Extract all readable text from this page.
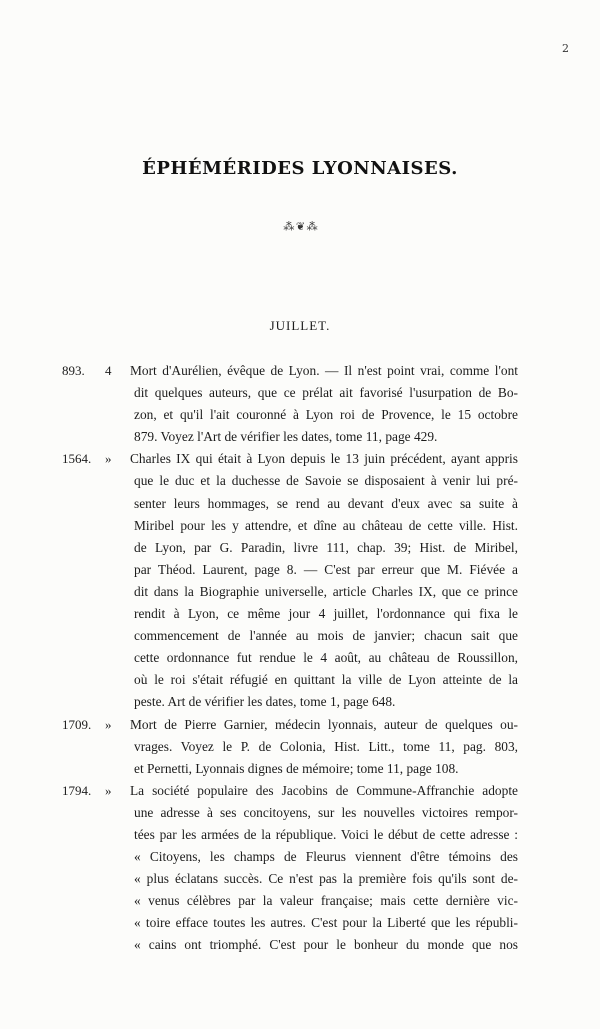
2
ÉPHÉMÉRIDES LYONNAISES.
⁂ ❦ ⁂
JUILLET.
893.	4	Mort d'Aurélien, évêque de Lyon. — Il n'est point vrai, comme l'ont
dit quelques auteurs, que ce prélat ait favorisé l'usurpation de Bo-
zon, et qu'il l'ait couronné à Lyon roi de Provence, le 15 octobre
879. Voyez l'Art de vérifier les dates, tome 11, page 429.
1564.	»	Charles IX qui était à Lyon depuis le 13 juin précédent, ayant appris
que le duc et la duchesse de Savoie se disposaient à venir lui pré-
senter leurs hommages, se rend au devant d'eux avec sa suite à
Miribel pour les y attendre, et dîne au château de cette ville. Hist.
de Lyon, par G. Paradin, livre 111, chap. 39; Hist. de Miribel,
par Théod. Laurent, page 8. — C'est par erreur que M. Fiévée a
dit dans la Biographie universelle, article Charles IX, que ce prince
rendit à Lyon, ce même jour 4 juillet, l'ordonnance qui fixa le
commencement de l'année au mois de janvier; chacun sait que
cette ordonnance fut rendue le 4 août, au château de Roussillon,
où le roi s'était réfugié en quittant la ville de Lyon atteinte de la
peste. Art de vérifier les dates, tome 1, page 648.
1709.	»	Mort de Pierre Garnier, médecin lyonnais, auteur de quelques ou-
vrages. Voyez le P. de Colonia, Hist. Litt., tome 11, pag. 803,
et Pernetti, Lyonnais dignes de mémoire; tome 11, page 108.
1794.	»	La société populaire des Jacobins de Commune-Affranchie adopte
une adresse à ses concitoyens, sur les nouvelles victoires rempor-
tées par les armées de la république. Voici le début de cette adresse :
« Citoyens, les champs de Fleurus viennent d'être témoins des
« plus éclatans succès. Ce n'est pas la première fois qu'ils sont de-
« venus célèbres par la valeur française; mais cette dernière vic-
« toire efface toutes les autres. C'est pour la Liberté que les républi-
« cains ont triomphé. C'est pour le bonheur du monde que nos
